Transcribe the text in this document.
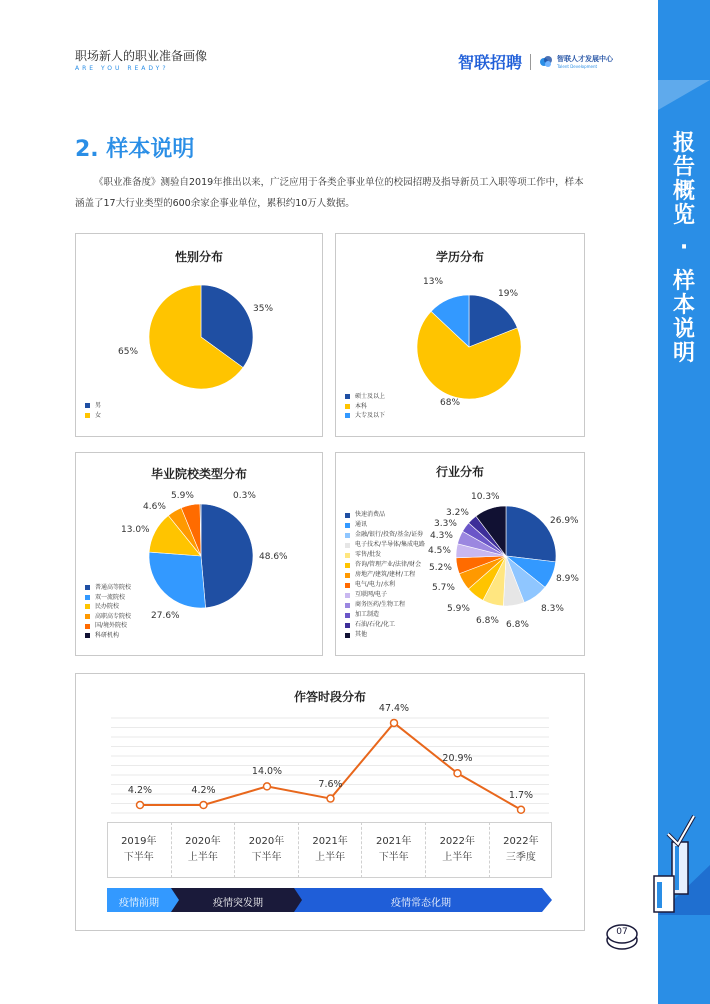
职场新人的职业准备画像
ARE YOU READY?	智联招聘	智联人才发展中心
Talent Development
2. 样本说明
《职业准备度》测验自2019年推出以来，广泛应用于各类企事业单位的校园招聘及指导新员工入职等项工作中，样本涵盖了17大行业类型的600余家企事业单位，累积约10万人数据。
性别分布
35%
65%
男
女
学历分布
19%
68%
13%
硕士及以上
本科
大专及以下
毕业院校类型分布
48.6%
27.6%
13.0%
4.6%
5.9%	0.3%
普通高等院校
双一流院校
民办院校
高职高专院校
国/境外院校
科研机构
行业分布
26.9%
8.9%
8.3%
6.8%
6.8%
5.9%
5.7%
5.2%
4.5%
4.3%
3.3%
3.2%
10.3%
快速消费品
通讯
金融/银行/投资/基金/证券
电子技术/半导体/集成电路
零售/批发
咨询/管理产业/法律/财会
房地产/建筑/建材/工程
电气/电力/水利
互联网/电子
商务医药/生物工程
加工制造
石油/石化/化工
其他
作答时段分布
4.2%	4.2%
14.0%
7.6%
47.4%
20.9%
1.7%
2019年
下半年
2020年
上半年
2020年
下半年
2021年
上半年
2021年
下半年
2022年
上半年
2022年
三季度
疫情前期	疫情突发期	疫情常态化期
报
告
概
览
·
样
本
说
明
07
